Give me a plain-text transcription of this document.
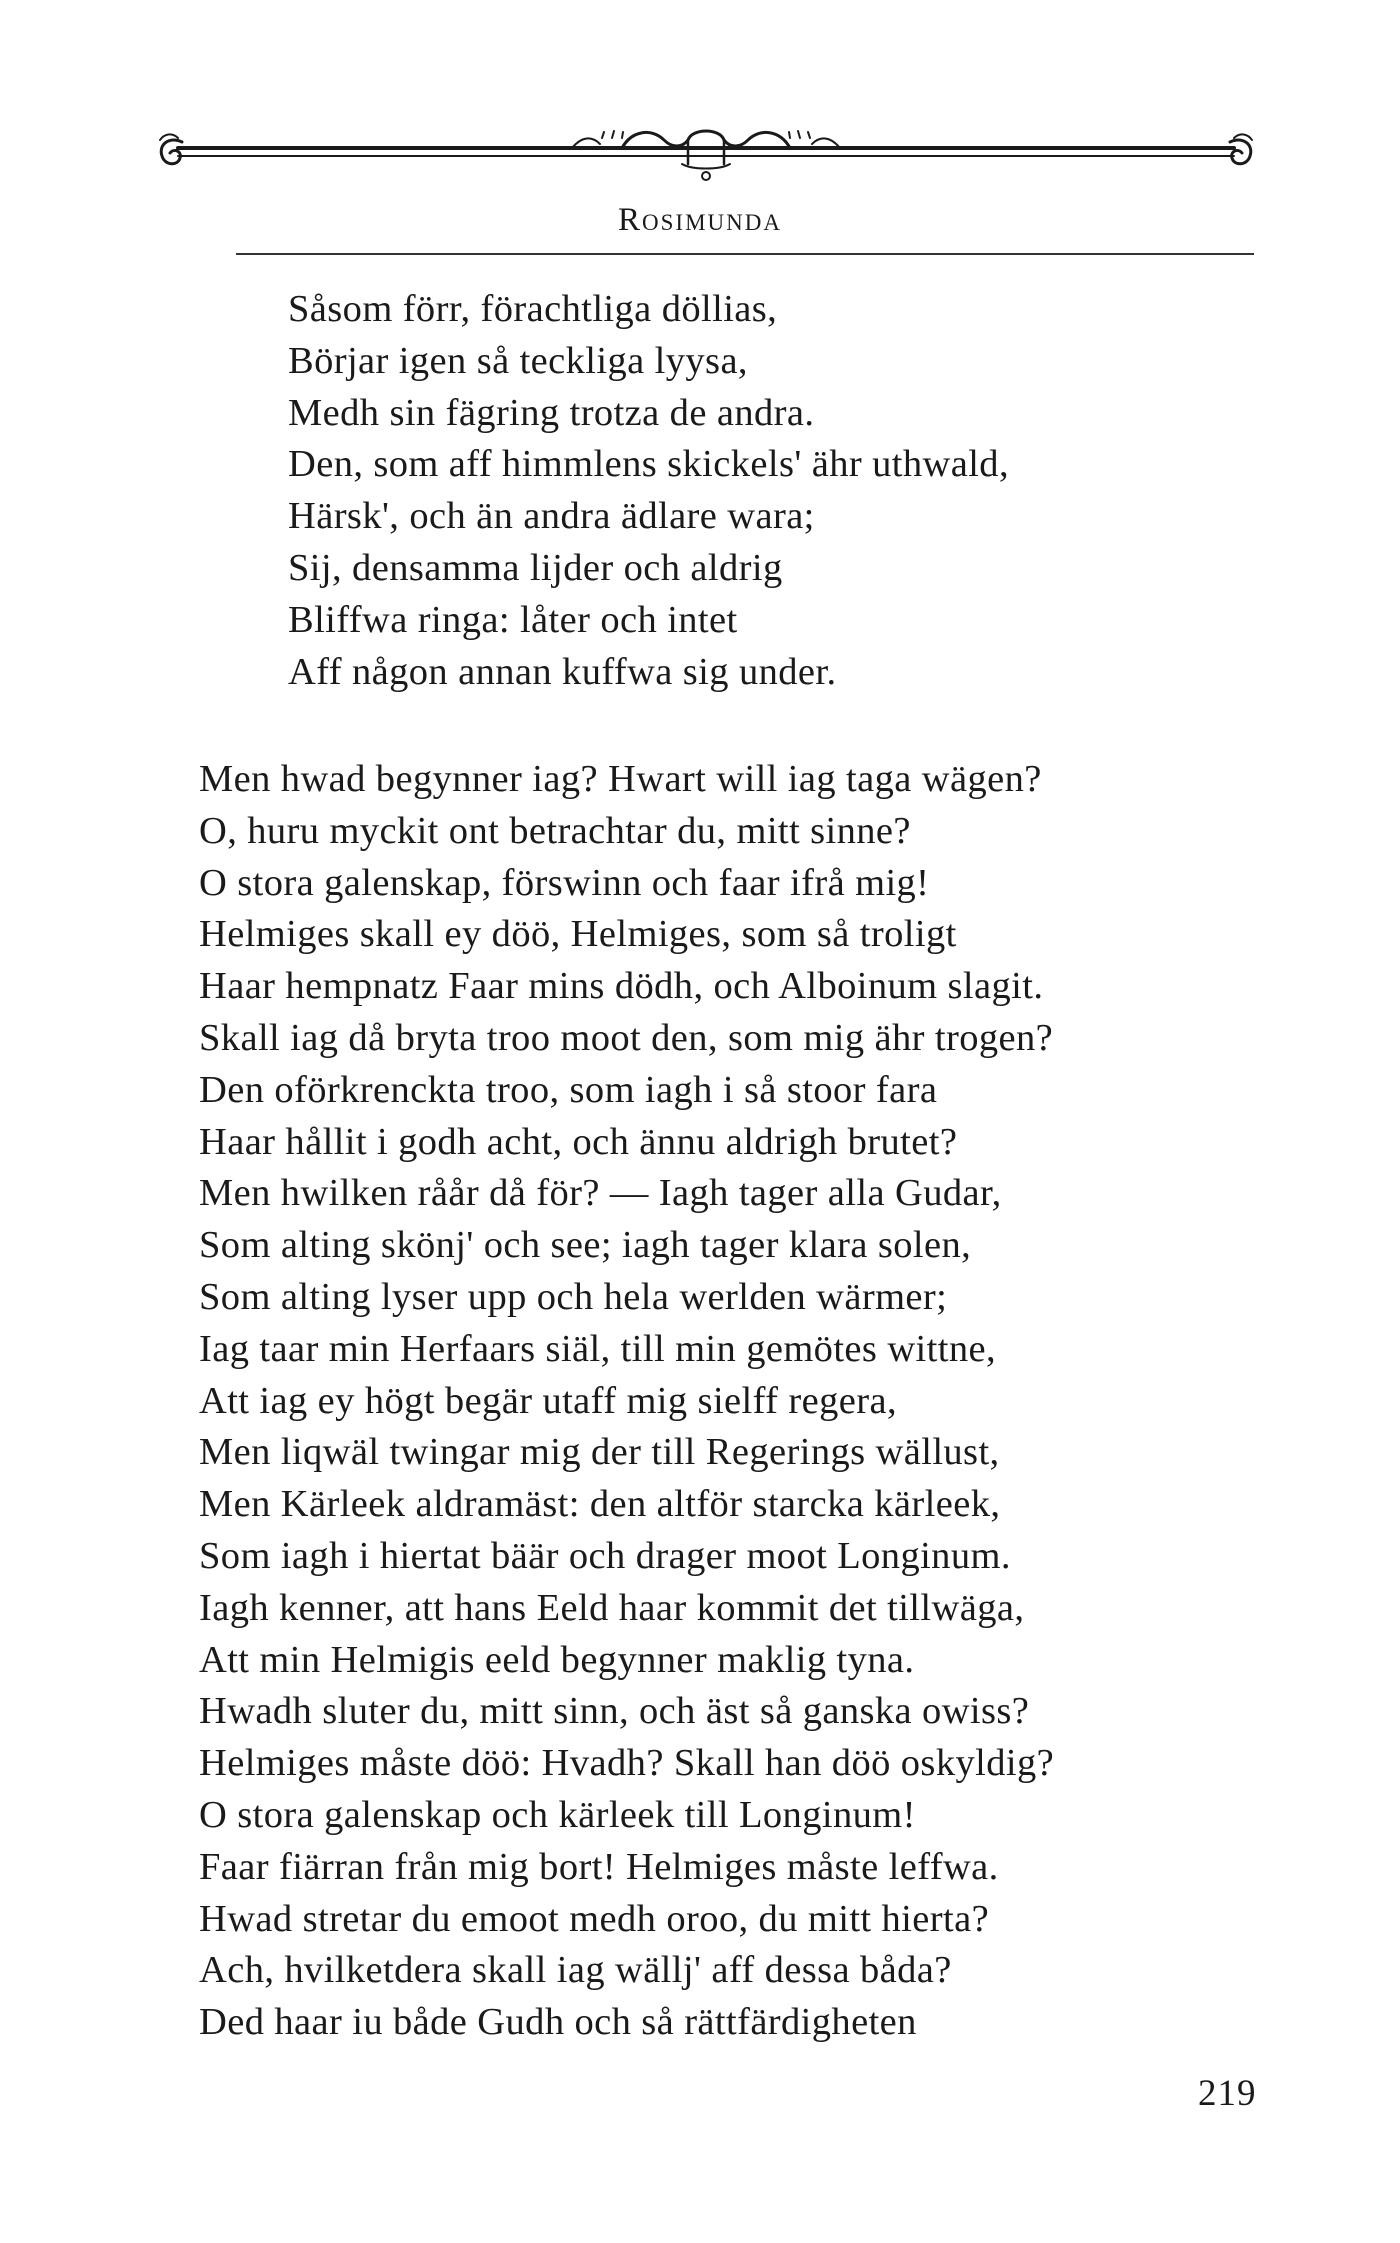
Rosimunda
Såsom förr, förachtliga döllias,
Börjar igen så teckliga lyysa,
Medh sin fägring trotza de andra.
Den, som aff himmlens skickels' ähr uthwald,
Härsk', och än andra ädlare wara;
Sij, densamma lijder och aldrig
Bliffwa ringa: låter och intet
Aff någon annan kuffwa sig under.
Men hwad begynner iag? Hwart will iag taga wägen?
O, huru myckit ont betrachtar du, mitt sinne?
O stora galenskap, förswinn och faar ifrå mig!
Helmiges skall ey döö, Helmiges, som så troligt
Haar hempnatz Faar mins dödh, och Alboinum slagit.
Skall iag då bryta troo moot den, som mig ähr trogen?
Den oförkrenckta troo, som iagh i så stoor fara
Haar hållit i godh acht, och ännu aldrigh brutet?
Men hwilken råår då för? — Iagh tager alla Gudar,
Som alting skönj' och see; iagh tager klara solen,
Som alting lyser upp och hela werlden wärmer;
Iag taar min Herfaars siäl, till min gemötes wittne,
Att iag ey högt begär utaff mig sielff regera,
Men liqwäl twingar mig der till Regerings wällust,
Men Kärleek aldramäst: den altför starcka kärleek,
Som iagh i hiertat bäär och drager moot Longinum.
Iagh kenner, att hans Eeld haar kommit det tillwäga,
Att min Helmigis eeld begynner maklig tyna.
Hwadh sluter du, mitt sinn, och äst så ganska owiss?
Helmiges måste döö: Hvadh? Skall han döö oskyldig?
O stora galenskap och kärleek till Longinum!
Faar fiärran från mig bort! Helmiges måste leffwa.
Hwad stretar du emoot medh oroo, du mitt hierta?
Ach, hvilketdera skall iag wällj' aff dessa båda?
Ded haar iu både Gudh och så rättfärdigheten
219
